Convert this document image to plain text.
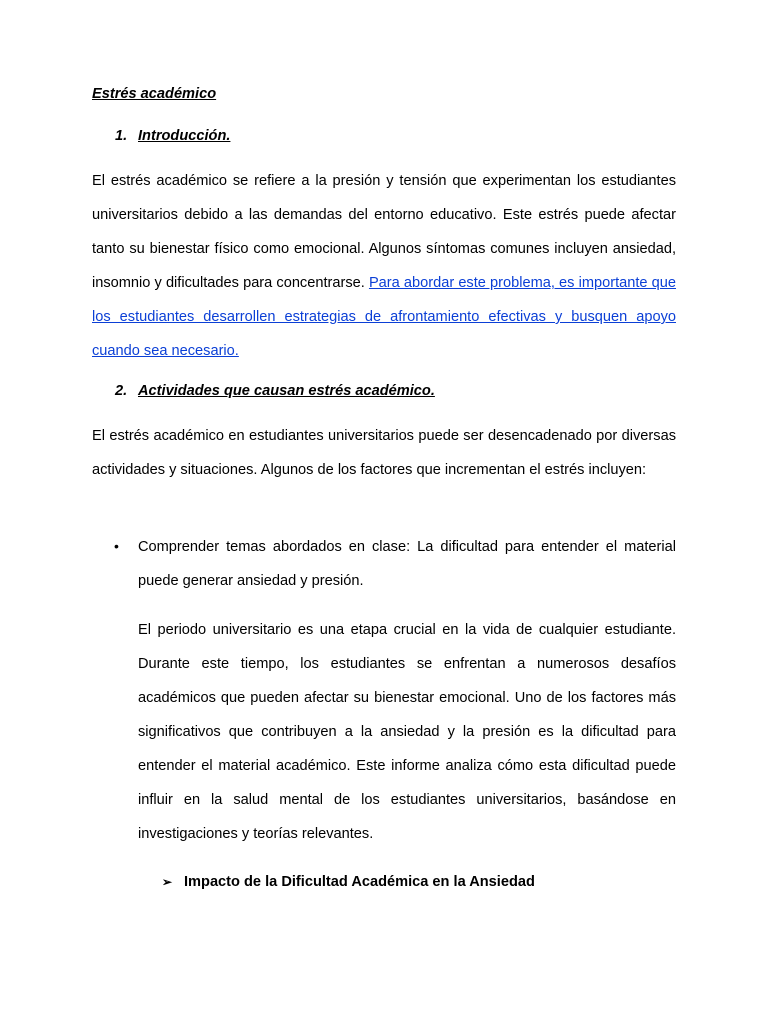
Estrés académico
1. Introducción.

El estrés académico se refiere a la presión y tensión que experimentan los estudiantes universitarios debido a las demandas del entorno educativo. Este estrés puede afectar tanto su bienestar físico como emocional. Algunos síntomas comunes incluyen ansiedad, insomnio y dificultades para concentrarse. Para abordar este problema, es importante que los estudiantes desarrollen estrategias de afrontamiento efectivas y busquen apoyo cuando sea necesario.

2. Actividades que causan estrés académico.

El estrés académico en estudiantes universitarios puede ser desencadenado por diversas actividades y situaciones. Algunos de los factores que incrementan el estrés incluyen:

• Comprender temas abordados en clase: La dificultad para entender el material puede generar ansiedad y presión.

El periodo universitario es una etapa crucial en la vida de cualquier estudiante. Durante este tiempo, los estudiantes se enfrentan a numerosos desafíos académicos que pueden afectar su bienestar emocional. Uno de los factores más significativos que contribuyen a la ansiedad y la presión es la dificultad para entender el material académico. Este informe analiza cómo esta dificultad puede influir en la salud mental de los estudiantes universitarios, basándose en investigaciones y teorías relevantes.

➢ Impacto de la Dificultad Académica en la Ansiedad
